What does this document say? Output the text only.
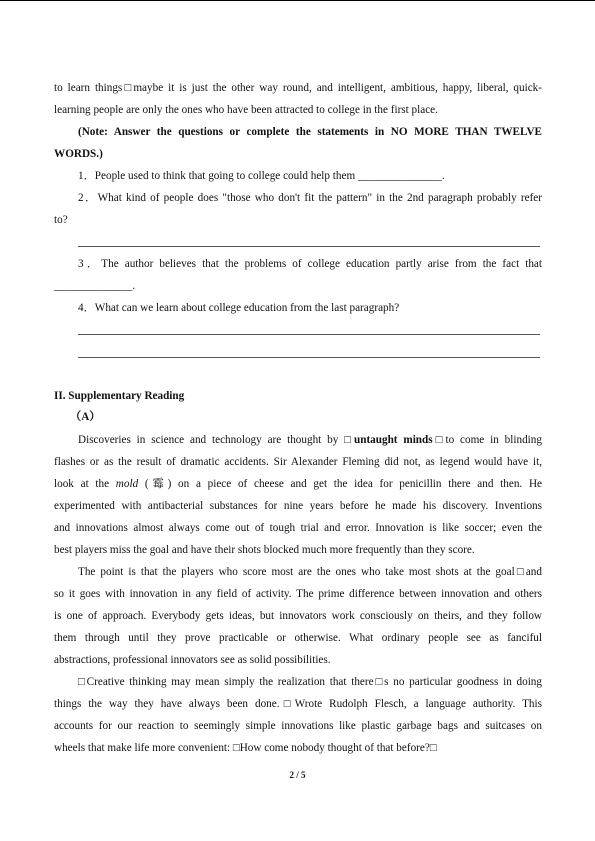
to learn things□maybe it is just the other way round, and intelligent, ambitious, happy, liberal, quick-
learning people are only the ones who have been attracted to college in the first place.
(Note: Answer the questions or complete the statements in NO MORE THAN TWELVE
WORDS.)
1．People used to think that going to college could help them _______________.
2．What kind of people does "those who don't fit the pattern" in the 2nd paragraph probably refer
to?
3．The author believes that the problems of college education partly arise from the fact that
______________.
4．What can we learn about college education from the last paragraph?
II. Supplementary Reading
（A）
Discoveries in science and technology are thought by □untaught minds□to come in blinding
flashes or as the result of dramatic accidents. Sir Alexander Fleming did not, as legend would have it,
look at the mold (霉) on a piece of cheese and get the idea for penicillin there and then. He
experimented with antibacterial substances for nine years before he made his discovery. Inventions
and innovations almost always come out of tough trial and error. Innovation is like soccer; even the
best players miss the goal and have their shots blocked much more frequently than they score.
The point is that the players who score most are the ones who take most shots at the goal□and
so it goes with innovation in any field of activity. The prime difference between innovation and others
is one of approach. Everybody gets ideas, but innovators work consciously on theirs, and they follow
them through until they prove practicable or otherwise. What ordinary people see as fanciful
abstractions, professional innovators see as solid possibilities.
□Creative thinking may mean simply the realization that there□s no particular goodness in doing
things the way they have always been done.□Wrote Rudolph Flesch, a language authority. This
accounts for our reaction to seemingly simple innovations like plastic garbage bags and suitcases on
wheels that make life more convenient: □How come nobody thought of that before?□
2 / 5
